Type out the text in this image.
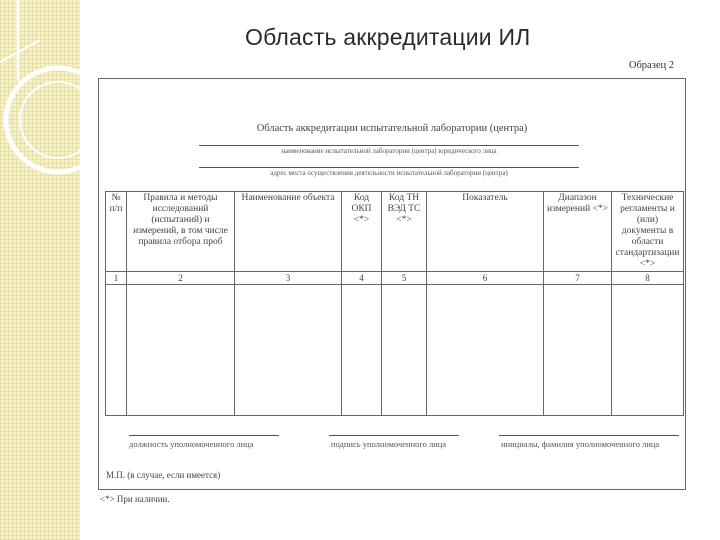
Область аккредитации ИЛ
Образец 2
Область аккредитации испытательной лаборатории (центра)
наименование испытательной лаборатории (центра) юридического лица
адрес места осуществления деятельности испытательной лаборатории (центра)
№ п/п	Правила и методы исследований (испытаний) и измерений, в том числе правила отбора проб	Наименование объекта	Код ОКП <*>	Код ТН ВЭД ТС <*>	Показатель	Диапазон измерений <*>	Технические регламенты и (или) документы в области стандартизации <*>
1	2	3	4	5	6	7	8

должность уполномоченного лица	подпись уполномоченного лица	инициалы, фамилия уполномоченного лица
М.П. (в случае, если имеется)
<*> При наличии.
